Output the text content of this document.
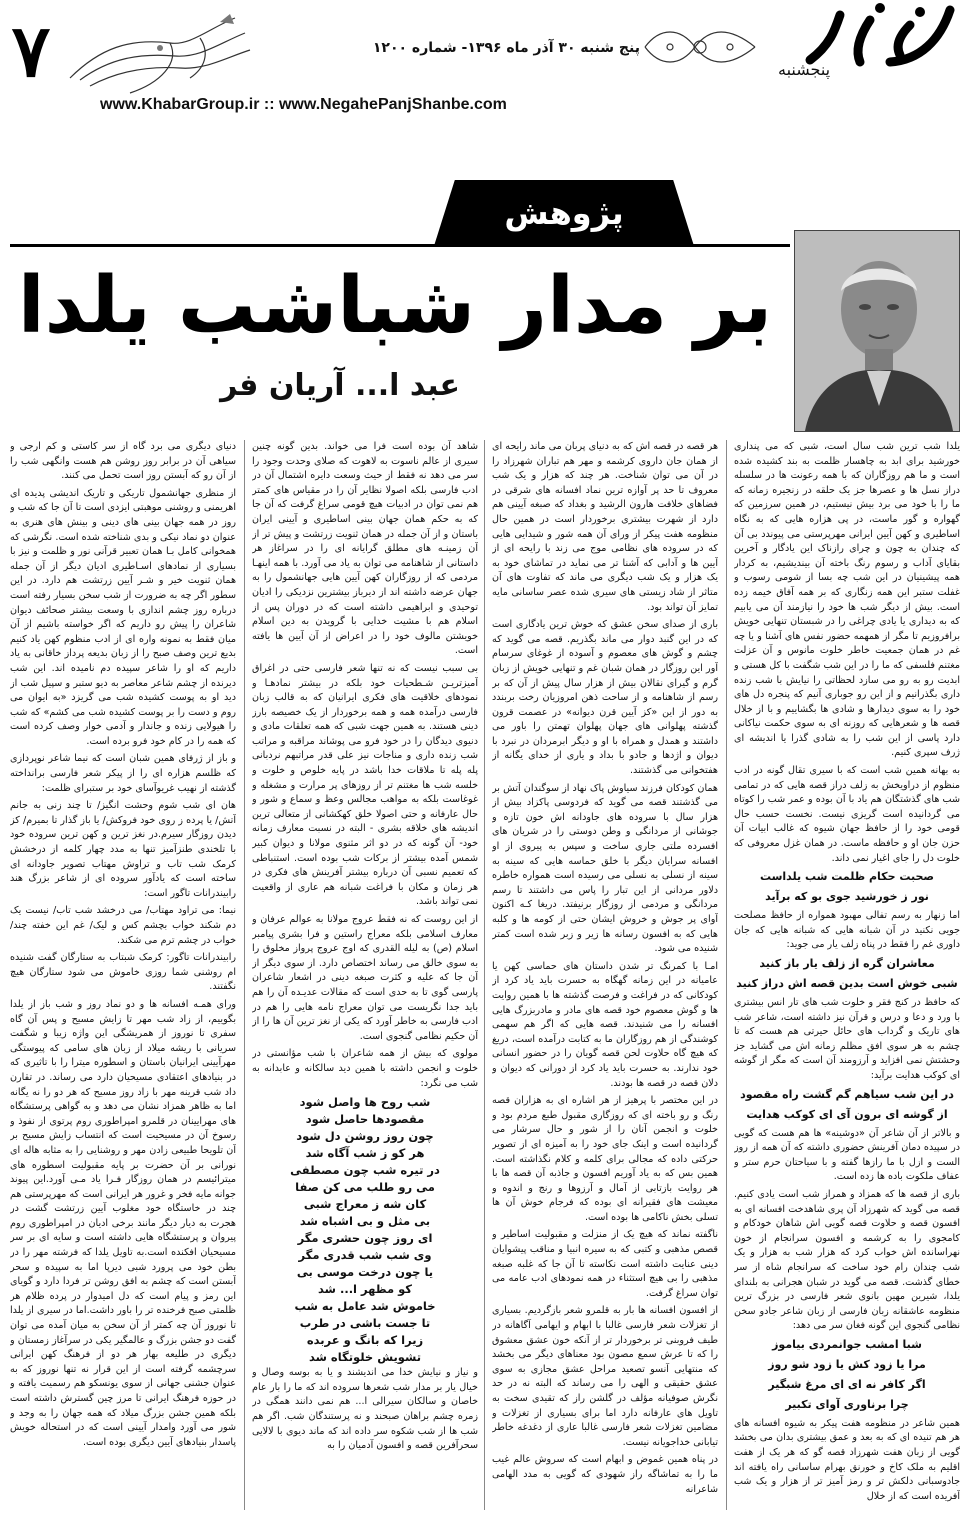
۷	پنج شنبه ۳۰ آذر ماه ۱۳۹۶- شماره ۱۲۰۰
پنجشنبه
www.KhabarGroup.ir :: www.NegahePanjShanbe.com
پژوهش
بر مدار شباشب یلدا
عبد ا... آریان فر

یلدا شب ترین شب سال است، شبی که می پنداری خورشید برای ابد به چاهسار ظلمت به بند کشیده شده است و ما هم روزگاران که با همه رعونت ها در سلسله دراز نسل ها و عصرها جز یک حلقه در زنجیره زمانه که ما را با خود می برد بیش نیستیم، در همین سرزمین که گهواره و گور ماست، در پی هزاره هایی که به نگاه اساطیری و کهن آیین ایرانی مهرپرستی می پیوندد بی آن که چندان به چون و چرای رازناک این یادگار و آخرین بقایای آداب و رسوم رنگ باخته آن بیندیشیم، به کردار همه پیشینیان در این شب چه بسا از شومی رسوب و غفلت ستبر این همه زنگاری که بر همه آفاق خیمه زده است. بیش از دیگر شب ها خود را نیازمند آن می یابیم که به دیداری یا یادی چراغی را در شبستان تنهایی خویش برافروزیم تا مگر از همهمه حضور نفس های آشنا و یا چه غم در همان جمعیت خاطر خلوت مانوس و آن عزلت مغتنم فلسفی که ما را در این شب شگفت با کل هستی و ابدیت رو به رو می سازد لحظاتی را نیایش با شب زنده داری بگذرانیم و از این رو جوباری آنیم که پنجره دل های خود را به سوی دیدارها و شادی ها بگشاییم و با از خلال قصه ها و شعرهایی که روزنه ای به سوی حکمت نیاکانی دارد پاسی از این شب را به شادی گذرا یا اندیشه ای ژرف سپری کنیم.

به بهانه همین شب است که با سیری تقال گونه در ادب منظوم از دراویخش به زلف دراز قصه هایی که در تمامی شب های گذشتگان هم یاد با آن بوده و عمر شب را کوتاه می گردانیده است گریزی نیست. نخست حسب حال قومی خود را از حافظ جهان شیوه که غالب ابیات آن حزن جان او و حافظه ماست. در همان غزل معروفی که خلوت دل را جای اغیار نمی داند.

صحبت حکام ظلمت شب یلداست
نور ز خورشید جوی بو که برآید

اما زنهار به رسم تفالی مهبود همواره از حافظ مصلحت جویی نکنید در آن شبانه هایی که شبانه هایی که جان داوری غم را فقط در پناه زلف یار می جوید:

معاشران گره از زلف یار باز کنید
شبی خوش است بدین قصه اش دراز کنید

که حافظ در کنج فقر و خلوت شب های تار انس بیشتری با ورد و دعا و درس و قرآن نیز داشته است، شاعر شب های تاریک و گرداب های حائل حیرتی هم هست که تا چشم به هر سوی افق مظلم زمانه اش می گشاید جز وحشتش نمی افزاید و آرزومند آن است که مگر از گوشه ای کوکب هدایت برآید:

در این شب سیاهم گم گشت راه مقصود
از گوشه ای برون آی ای کوکب هدایت

و بالاتر از آن شاعر آن «دوشینه» ها هم هست که گویی در سپیده دمان آفرینش حضوری داشته که آن همه از روز الست و ازل با ما رازها گفته و با سیاحتان حرم ستر و عفاف ملکوت باده ها زده است.

باری از قصه ها که همزاد و همراز شب است یادی کنیم. قصه می گوید که شهرزاد آن پری شاهدخت افسانه ای به افسون قصه و حلاوت قصه گویی اش شاهان خودکام و کامجوی را به کرشمه و افسون سرانجام از خون نهراسانده اش خواب کرد که هزار شب به هزار و یک شب چندان رام خود ساخت که سرانجام شاه از سر خطای گذشت. قصه می گوید در شبان هجرانی به بلندای یلدا، شیرین مهین بانوی شعر فارسی در بزرگ ترین منظومه عاشقانه زبان فارسی از زبان شاعر جادو سخن نظامی گنجوی این گونه فغان سر می دهد:

شبا امشب جوانمردی بیاموز
مرا یا زود کش یا زود شو روز
اگر کافر نه ای ای مرغ شبگیر
چرا برناوری آوای تکبیر

همین شاعر در منظومه هفت پیکر به شیوه افسانه های هر هم تنیده ای که به بعد و عمق بیشتری بدان می بخشد گویی از زبان هفت شهرزاد قصه گو که هر یک از هفت اقلیم به ملک کاخ و خورنق بهرام ساسانی راه یافته اند جادوسبانی دلکش تر و رمز آمیز تر از هزار و یک شب آفریده است که از خلال

هر قصه در قصه اش که به دنیای پربان می ماند رایحه ای از همان جان داروی کرشمه و مهر هم تباران شهرزاد را در آن می توان شناخت. هر چند که هزار و یک شب معروف تا حد پر آوازه ترین نماد افسانه های شرقی در فضاهای خلافت هارون الرشید و بغداد که صبغه آیینی هم دارد از شهرت بیشتری برخوردار است در همین حال منظومه هفت پیکر از ورای آن همه شور و شیدایی هایی که در سروده های نظامی موج می زند با رایحه ای از آیین ها و آدابی که آشنا تر می نماید در تماشای خود به یک هزار و یک شب دیگری می ماند که تفاوت های آن متاثر از شاد زیستی های سیری شده عصر ساسانی مایه تمایز آن تواند بود.

باری از صدای سخن عشق که خوش ترین یادگاری است که در این گنبد دوار می ماند بگذریم. قصه می گوید که چشم و گوش های معصوم و آسوده از غوغای سرسام آور این روزگار در همان شبان غم و تنهایی خویش از زبان گرم و گیرای نقالان بیش از هزار سال پیش از آن که بر رسم از شاهنامه و از ساحت ذهن امروزیان رخت بربندد به دور از این «کز آیین قرن دیوانه» در عصمت قرون گذشته پهلوانی های جهان پهلوان تهمتن را باور می داشتند و همدل و همراه با او و دیگر ابرمردان در نبرد با دیوان و اژدها و جادو با بداد و یاری از خدای یگانه از هفتخوانی می گذشتند.

همان کودکان فرزند سیاوش پاک نهاد از سوگندان آتش بر می گذشتند قصه می گوید که فردوسی پاکزاد بیش از هزار سال با سروده های جاودانه اش خون تازه و جوشانی از مردانگی و وطن دوستی را در شریان های افسرده ملتی جاری ساخت و سپس به پیروی از او افسانه سرایان دیگر با خلق حماسه هایی که سینه به سینه از نسلی به نسلی می رسیده است همواره خاطره دلاور مردانی از این تبار را پاس می داشتند تا رسم مردانگی و مردمی از روزگار برنیفتد. دریغا کـه اکنون آوای پر جوش و خروش ایشان حتی از کومه ها و کلبه هایی که به افسون رسانه ها زیر و زبر شده است کمتر شنیده می شود.

امـا با کمرنگ تر شدن داستان های حماسی کهن یا عامیانه در این زمانه گهگاه به حسرت باید یاد کرد از کودکانی که در فراغت و فرصت گذشته ها با همین روایت ها و گوش معصوم خود قصه های مادر و مادربزرگ هایی افسانه را می شنیدند. قصه هایی که اگر هم سهمی کوشندگی از هم روزگاران ما به کتابت درآمده است، دریغ که هیچ گاه حلاوت لحن قصه گویان را در حضور انسانی خود ندارند. به حسرت باید یاد کرد از دورانی که دیوان و دلان قصه در قصه ها بودند.

در این مختصر با پرهیز از هر اشاره ای به هزاران قصه رنگ و رو باخته ای که روزگاری مقبول طبع مردم بود و خلوت و انجمن آنان را از شور و حال سرشار می گردانیده است و اینک جای خود را به آمیزه ای از تصویر حرکتی داده که مجالی برای کلمه و کلام نگذاشته است. همین بس که به یاد آوریم افسون و جاذبه آن قصه ها با هر روایت بازتابی از آمال و آرزوها و رنج و اندوه و معیشت های فقیرانه ای بوده که فرجام خوش آن ها تسلی بخش ناکامی ها بوده است.

ناگفته نماند که هیچ یک از منزلت و مقبولیت اساطیر و قصص مذهبی و کتبی که به سیره انبیا و مناقب پیشوایان دینی عنایت داشته است نکاسته تا آن جا که غلبه صبغه مذهبی را بی هیچ استثناء در همه نمودهای ادب عامه می توان سراغ گرفت.

از افسون افسانه ها بار به قلمرو شعر بازگردیم. بسیاری از تغزلات شعر فارسی غالبا با ابهام و ایهامی آگاهانه در طیف فروبنی تر برخوردار تر از آنکه خون عشق معشوق را که تا عرش سمع مصون بود معناهای دیگر می بخشد که منتهایی آنسو تصعید مراحل عشق مجازی به سوی عشق حقیقی و الهی را می رساند که البته نه در حد نگرش صوفیانه مؤلف در گلشن راز که تقیدی سخت به تاویل های عارفانه دارد اما برای بسیاری از تغزلات و مضامین تغزلات شعر فارسی غالبا عاری از دغدغه خاطر تیابانی خداجویانه نیست.

در پناه همین غموض و ابهام است که سروش عالم غیب ما را به تماشاگه راز شهودی که گویی به مدد الهامی شاعرانه

شاهد آن بوده است فرا می خواند. بدین گونه چنین سیری از عالم ناسوت به لاهوت که صلای وحدت وجود را سر می دهد نه فقط از حیث وسعت دایره اشتمال آن در ادب فارسی بلکه اصولا نظایر آن را در مقیاس های کمتر هم نمی توان در ادبیات هیچ قومی سراغ گرفت که آن جا که به حکم همان جهان بینی اساطیری و آیینی ایران باستان و از آن جمله در همان ثنویت زرتشت و پیش تر از آن زمینـه های مطلق گرایانه ای را در سراغاز هر داستانی از شاهنامه می توان به یاد می آورد. با همه اینهـا مردمی که از روزگاران کهن آیین هایی جهانشمول را به جهان عرضه داشته اند از دیرباز بیشترین نزدیکی را ادیان توحیدی و ابراهیمی داشته است که در دوران پس از اسلام هم با مشیت خدایی با گرویدن به دین اسلام خویشتن مالوف خود را در اعراض از آن آیین ها یافته است.

بی سبب نیست که نه تنها شعر فارسی حتی در اغراق آمیزتریـن شـطحیات خود بلکه در بیشتر نمادهـا و نمودهای خلاقیت های فکری ایرانیان که به قالب زبان فارسی درآمده همه و همه برخوردار از یک خصیصه بارز دینی هستند. به همین جهت شبی که همه تعلقات مادی و دنیوی دیدگان را در خود فرو می پوشاند مراقبه و مراتب شب زنده داری و مناجات نیز علی قدر مراتبهم نردبانی پله پله تا ملاقات خدا باشد در پایه خلوص و خلوت و خلسه شب ها مغتنم تر از روزهای پر مرارت و مشغله و غوغاست بلکه به مواهب مجالس وعظ و سماع و شور و حال عارفانه و حتی اصولا خلق کهکشانی از متعالی ترین اندیشه های خلاقه بشری - البته در نسبت معارف زمانه خود- آن گونه که در دو اثر مثنوی مولانا و دیوان کبیر شمس آمده بیشتر از برکات شب بوده است. استنباطی که تعمیم نسبی آن درباره بیشتر آفرینش های فکری در هر زمان و مکان با فراغت شبانه هم عاری از واقعیت نمی تواند باشد.

از این روست که نه فقط عروج مولانا به عوالم عرفان و معارف اسلامی بلکه معراج راستین و فرا بشری پیامبر اسلام (ص) به لیله القدری که اوج عروج پرواز مخلوق را به سوی خالق می رساند اختصاص دارد. از سوی دیگر از آن جا که علیه و کثرت صبغه دینی در اشعار شاعران پارسی گوی تا به حدی است که مقالات عدیـده آن را هم باید جدا نگریست می توان معراج نامه هایی را هم در ادب فارسی به خاطر آورد که یکی از نغز ترین آن ها را از آن حکیم نظامی گنجوی است.

مولوی که بیش از همه شاعران با شب مؤانستی در خلوت و انجمن داشته با همین دید سالکانه و عابدانه به شب می نگرد:

شب روح ها واصل شود
مقصودها حاصل شود
چون روز روشن دل شود
هر کو ز شب آگاه شد
در تیره شب چون مصطفی
می رو طلب می کن صفا
کان شه ز معراج شبی
بی مثل و بی اشباه شد
ای روز چون حشری مگر
وی شب شب قدری مگر
یا چون درخت موسی بی
کو مظهر ا... شد
خاموش شد عامل به شب
تا جست باشی در طرب
زیرا که بانگ و عربده
تشویش خلوتگاه شد

و نیاز و نیایش خدا می اندیشند و یا به بوسه وصال و خیال یار بر مدار شب شعرها سروده اند که ما را بار عام خاصان و سالکان سیرالی ا... هم نمی دانند همگی در زمره چشم براهان صبحند و نه پرستندگان شب. اگر هم شب ها از شب شکوه سر داده اند که ماند دیوی با لالایی سحرآفرین قصه و افسون آدمیان را به

دنیای دیگری می برد گاه از سر کاستی و کم ارجی و سیاهی آن در برابر روز روشن هم هست وانگهی شب را از آن رو که آبستن روز است تحمل می کنند.

از منظری جهانشمول تاریکی و تاریک اندیشی پدیده ای اهریمنی و روشنی موهبتی ایزدی است تا آن جا که شب و روز در همه جهان بینی های دینی و بینش های هنری به عنوان دو نماد نیکی و بدی شناخته شده است. نگرشی که همخوانی کامل بـا همان تعبیر قرآنی نور و ظلمت و نیز با بسیاری از نمادهای اسـاطیری ادیان دیگر از آن جمله همان ثنویت خیر و شـر آیین زرتشت هم دارد. در این سطور اگر چه به ضرورت از شب سخن بسیار رفته است درباره روز چشم اندازی با وسعت بیشتر صحائف دیوان شاعران را پیش رو داریم که اگر خواسته باشیم از آن میان فقط به نمونه واره ای از ادب منظوم کهن یاد کنیم بدیع ترین وصف صبح را از زبان بدیعه پرداز خاقانی به یاد داریم که او را شاعر سپیده دم نامیده اند. این شب دیرنده از چشم شاعر معاصر به دیو ستبر و سپیل شب از دید او به پوست کشیده شب می گریزد «به ایوان می روم و دست را بر پوست کشیده شب می کشم» که شب را هیولایی زنده و جاندار و آدمی خوار وصف کرده است که همه را در کام خود فرو برده است.

و باز از ژرفای همین شبان است که نیما شاعر نوپردازی که ظلسم هزاره ای را از پیکر شعر فارسی برانداخته گذشته از نهیب غریوآسای خود بر ستبرای ظلمت:

هان ای شب شوم وحشت انگیز/ تا چند زنی به جانم آتش/ یا پرده ز روی خود فروکش/ یا باز گذار تا بمیرم/ کز دیدن روزگار سیرم.در نغز ترین و کهن ترین سروده خود با تلخندی طنزآمیز تنها به مدد چهار کلمه از درخشش کرمک شب تاب و تراوش مهتاب تصویر جاودانه ای ساخته است که یادآور سروده ای از شاعر بزرگ هند رابیندرانات تاگور است:

نیما: می تراود مهتاب/ می درخشد شب تاب/ نیست یک دم شکند خواب بچشم کس و لیک/ غم این خفته چند/خواب در چشم ترم می شکند.

رابیندرانات تاگور: کرمک شبتاب به ستارگان گفت شنیده ام روشنی شما روزی خاموش می شود ستارگان هیچ نگفتند.

ورای همـه افسانه ها و دو نماد روز و شب باز از یلدا بگوییم، از زاد شب مهر تا زایش مسیح و پس آن گاه سفری تا نوروز از همریشگی این واژه زیبا و شگفت سریانی با ریشه میلاد از زبان های سامی که پیوستگی مهرآیینی ایرانیان باستان و اسطوره میترا را با تاثیری که در بنیادهای اعتقادی مسیحیان دارد می رساند. در تقارن داد شب قرینه مهر با زاد روز مسیح که هر دو را نه یگانه اما به ظاهر همزاد نشان می دهد و به گواهی پرستشگاه های مهرایینان در قلمرو امپراطوری روم پرتوی از نفوذ و رسوخ آن در مسیحیت است که انتساب زایش مسیح بر آن تلویحا طبیعی زادن مهر و روشنایی را به مثابه هاله ای نورانی بر آن حضرت بر پایه مقبولیت اسطوره های میترائیسم در همان روزگار فـرا یاد مـی آورد.این پیوند جوانه مایه فخر و غرور هر ایرانی است که مهرپرستی هم چند در خاستگاه خود مغلوب آیین زرتشت گشت در هجرت به دیار دیگر مانند برخی ادیان در امپراطوری روم پیروان و پرستشگاه هایی داشته است و سایه ای بر سر مسیحیان افکنده است.به تاویل یلدا که فرشته مهر را در بطن خود می پرورد شبی دیرپا اما به سپیده و سحر آبستن است که چشم به افق روشن تر فردا دارد و گویای این رمز و پیام است که دل امیدوار در پرده ظلام هر ظلمتی صبح فرخنده تر را باور داشت.اما در سیری از یلدا تا نوروز آن چه کمتر از آن سخن به میان آمده می توان گفت دو جشن بزرگ و عالمگیر یکی در سرآغاز زمستان و دیگری در طلیعه بهار هر دو از فرهنگ کهن ایرانی سرچشمه گرفته است از این قرار نه تنها نوروز که به عنوان جشنی جهانی از سوی یونسکو هم رسمیت یافته و در حوزه فرهنگ ایرانی تا مرز چین گسترش داشته است بلکه همین جشن بزرگ میلاد که همه جهان را به وجد و شور می آورد وامدار آیینی است که در استحاله خویش پاسدار بنیادهای آیین دیگری بوده است.
